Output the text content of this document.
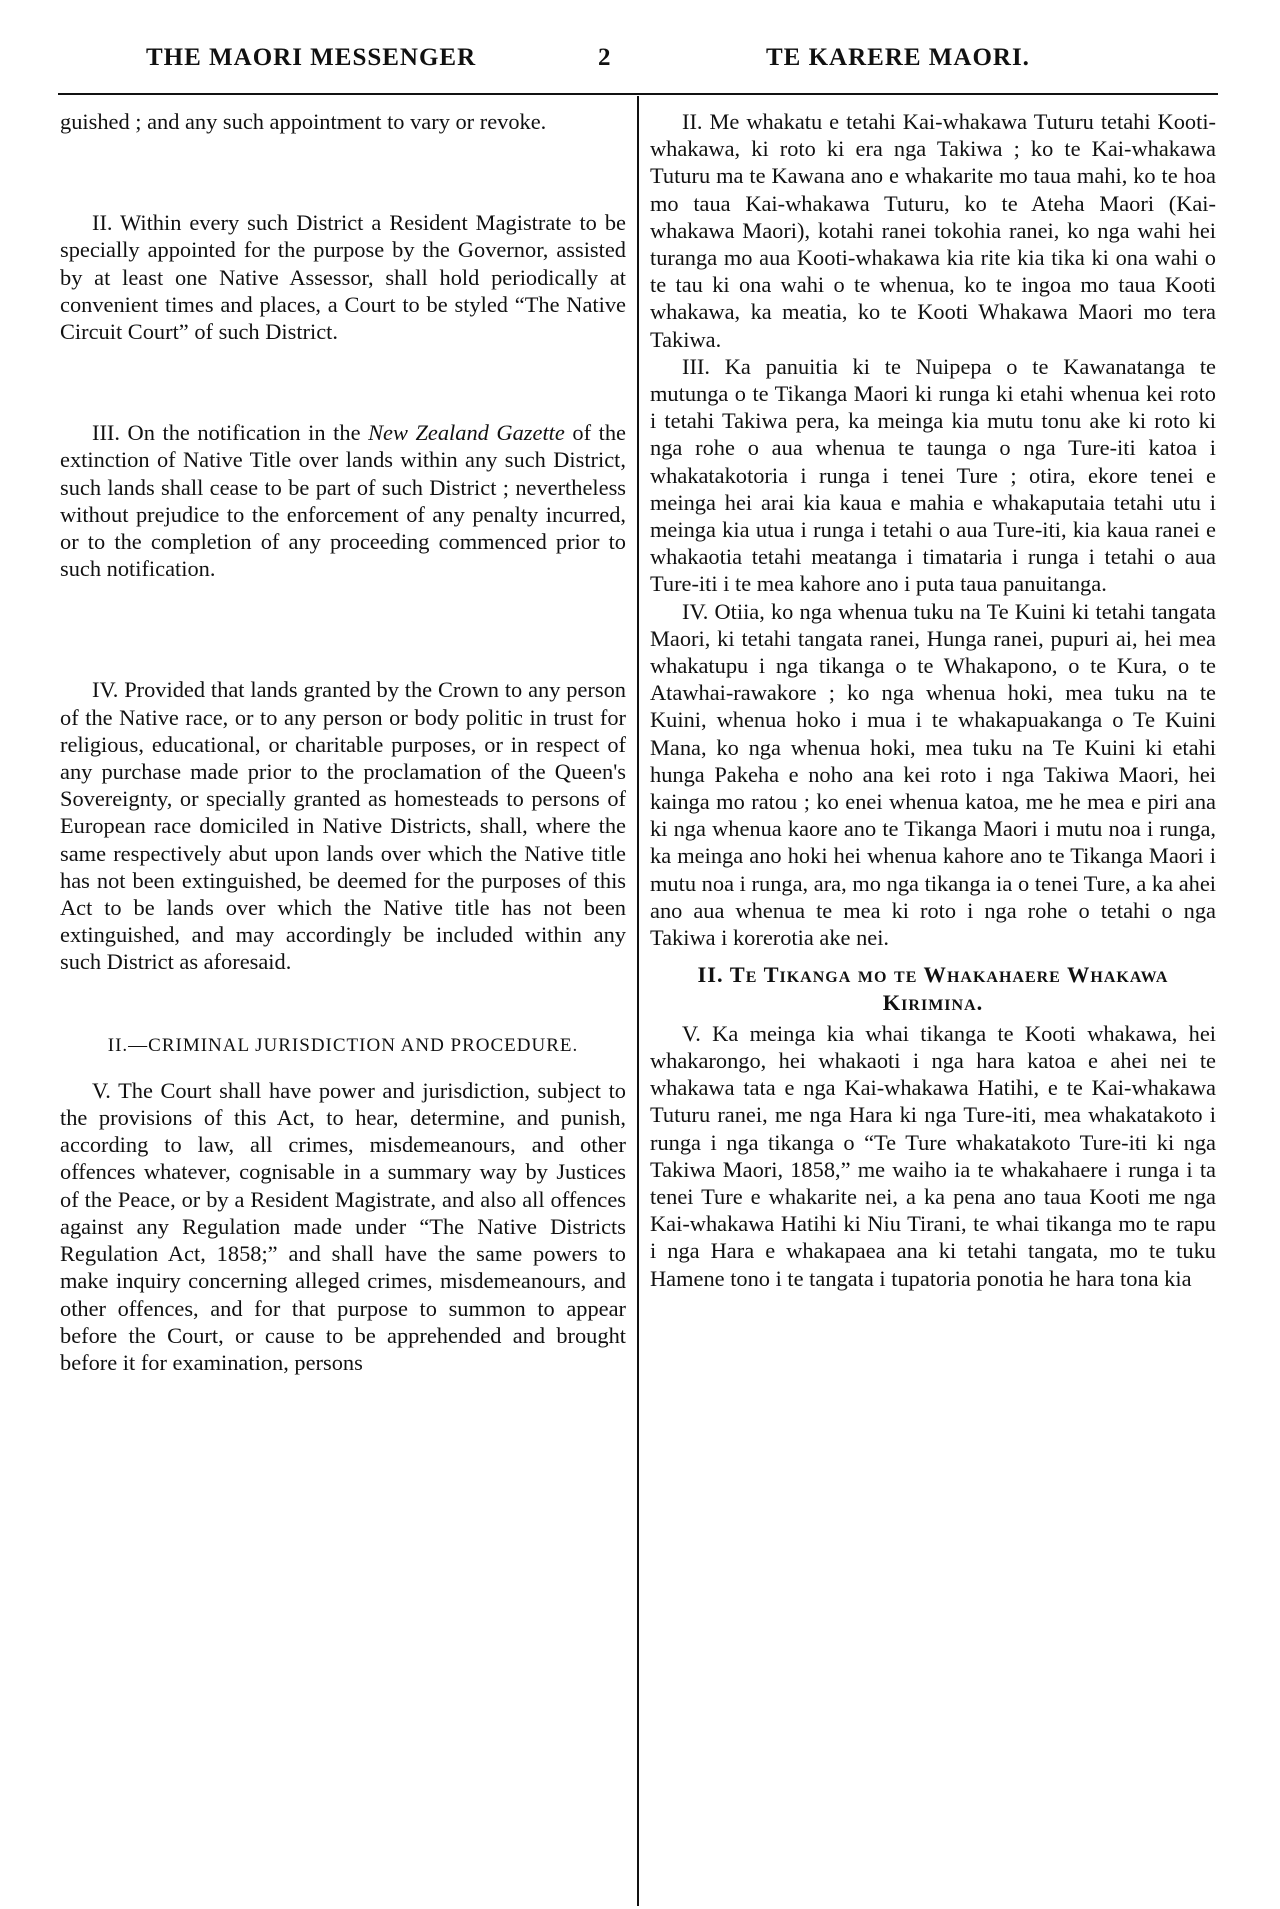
THE MAORI MESSENGER	2	TE KARERE MAORI.

guished ; and any such appointment to vary or revoke.

II. Within every such District a Resident Magistrate to be specially appointed for the purpose by the Governor, assisted by at least one Native Assessor, shall hold periodically at convenient times and places, a Court to be styled “The Native Circuit Court” of such District.

III. On the notification in the New Zealand Gazette of the extinction of Native Title over lands within any such District, such lands shall cease to be part of such District ; nevertheless without prejudice to the enforcement of any penalty incurred, or to the completion of any proceeding commenced prior to such notification.

IV. Provided that lands granted by the Crown to any person of the Native race, or to any person or body politic in trust for religious, educational, or charitable purposes, or in respect of any purchase made prior to the proclamation of the Queen's Sovereignty, or specially granted as homesteads to persons of European race domiciled in Native Districts, shall, where the same respectively abut upon lands over which the Native title has not been extinguished, be deemed for the purposes of this Act to be lands over which the Native title has not been extinguished, and may accordingly be included within any such District as aforesaid.

II.—CRIMINAL JURISDICTION AND PROCEDURE.

V. The Court shall have power and jurisdiction, subject to the provisions of this Act, to hear, determine, and punish, according to law, all crimes, misdemeanours, and other offences whatever, cognisable in a summary way by Justices of the Peace, or by a Resident Magistrate, and also all offences against any Regulation made under “The Native Districts Regulation Act, 1858;” and shall have the same powers to make inquiry concerning alleged crimes, misdemeanours, and other offences, and for that purpose to summon to appear before the Court, or cause to be apprehended and brought before it for examination, persons

II. Me whakatu e tetahi Kai-whakawa Tuturu tetahi Kooti-whakawa, ki roto ki era nga Takiwa ; ko te Kai-whakawa Tuturu ma te Kawana ano e whakarite mo taua mahi, ko te hoa mo taua Kai-whakawa Tuturu, ko te Ateha Maori (Kai-whakawa Maori), kotahi ranei tokohia ranei, ko nga wahi hei turanga mo aua Kooti-whakawa kia rite kia tika ki ona wahi o te tau ki ona wahi o te whenua, ko te ingoa mo taua Kooti whakawa, ka meatia, ko te Kooti Whakawa Maori mo tera Takiwa.

III. Ka panuitia ki te Nuipepa o te Kawanatanga te mutunga o te Tikanga Maori ki runga ki etahi whenua kei roto i tetahi Takiwa pera, ka meinga kia mutu tonu ake ki roto ki nga rohe o aua whenua te taunga o nga Ture-iti katoa i whakatakotoria i runga i tenei Ture ; otira, ekore tenei e meinga hei arai kia kaua e mahia e whakaputaia tetahi utu i meinga kia utua i runga i tetahi o aua Ture-iti, kia kaua ranei e whakaotia tetahi meatanga i timataria i runga i tetahi o aua Ture-iti i te mea kahore ano i puta taua panuitanga.

IV. Otiia, ko nga whenua tuku na Te Kuini ki tetahi tangata Maori, ki tetahi tangata ranei, Hunga ranei, pupuri ai, hei mea whakatupu i nga tikanga o te Whakapono, o te Kura, o te Atawhai-rawakore ; ko nga whenua hoki, mea tuku na te Kuini, whenua hoko i mua i te whakapuakanga o Te Kuini Mana, ko nga whenua hoki, mea tuku na Te Kuini ki etahi hunga Pakeha e noho ana kei roto i nga Takiwa Maori, hei kainga mo ratou ; ko enei whenua katoa, me he mea e piri ana ki nga whenua kaore ano te Tikanga Maori i mutu noa i runga, ka meinga ano hoki hei whenua kahore ano te Tikanga Maori i mutu noa i runga, ara, mo nga tikanga ia o tenei Ture, a ka ahei ano aua whenua te mea ki roto i nga rohe o tetahi o nga Takiwa i korerotia ake nei.

II. Te Tikanga mo te Whakahaere Whakawa Kirimina.

V. Ka meinga kia whai tikanga te Kooti whakawa, hei whakarongo, hei whakaoti i nga hara katoa e ahei nei te whakawa tata e nga Kai-whakawa Hatihi, e te Kai-whakawa Tuturu ranei, me nga Hara ki nga Ture-iti, mea whakatakoto i runga i nga tikanga o “Te Ture whakatakoto Ture-iti ki nga Takiwa Maori, 1858,” me waiho ia te whakahaere i runga i ta tenei Ture e whakarite nei, a ka pena ano taua Kooti me nga Kai-whakawa Hatihi ki Niu Tirani, te whai tikanga mo te rapu i nga Hara e whakapaea ana ki tetahi tangata, mo te tuku Hamene tono i te tangata i tupatoria ponotia he hara tona kia
